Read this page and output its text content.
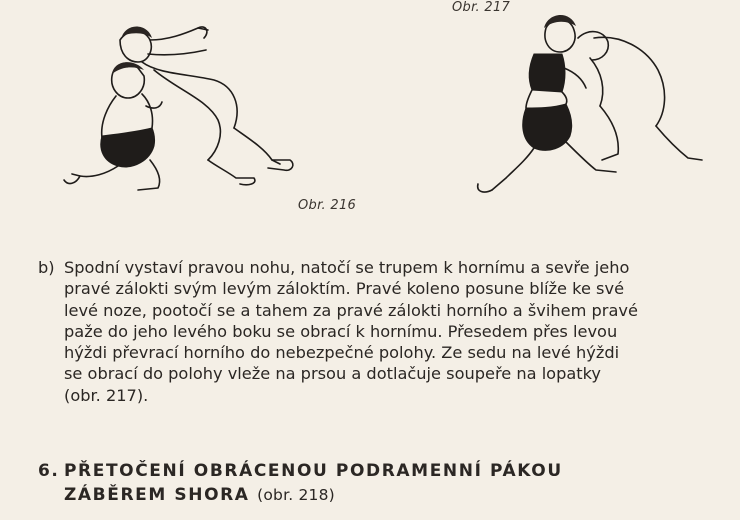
Obr. 216
Obr. 217
b) Spodní vystaví pravou nohu, natočí se trupem k hornímu a sevře jeho
pravé zálokti svým levým záloktím. Pravé koleno posune blíže ke své
levé noze, pootočí se a tahem za pravé zálokti horního a švihem pravé
paže do jeho levého boku se obrací k hornímu. Přesedem přes levou
hýždi převrací horního do nebezpečné polohy. Ze sedu na levé hýždi
se obrací do polohy vleže na prsou a dotlačuje soupeře na lopatky
(obr. 217).
6. PŘETOČENÍ OBRÁCENOU PODRAMENNÍ PÁKOU
ZÁBĚREM SHORA (obr. 218)
